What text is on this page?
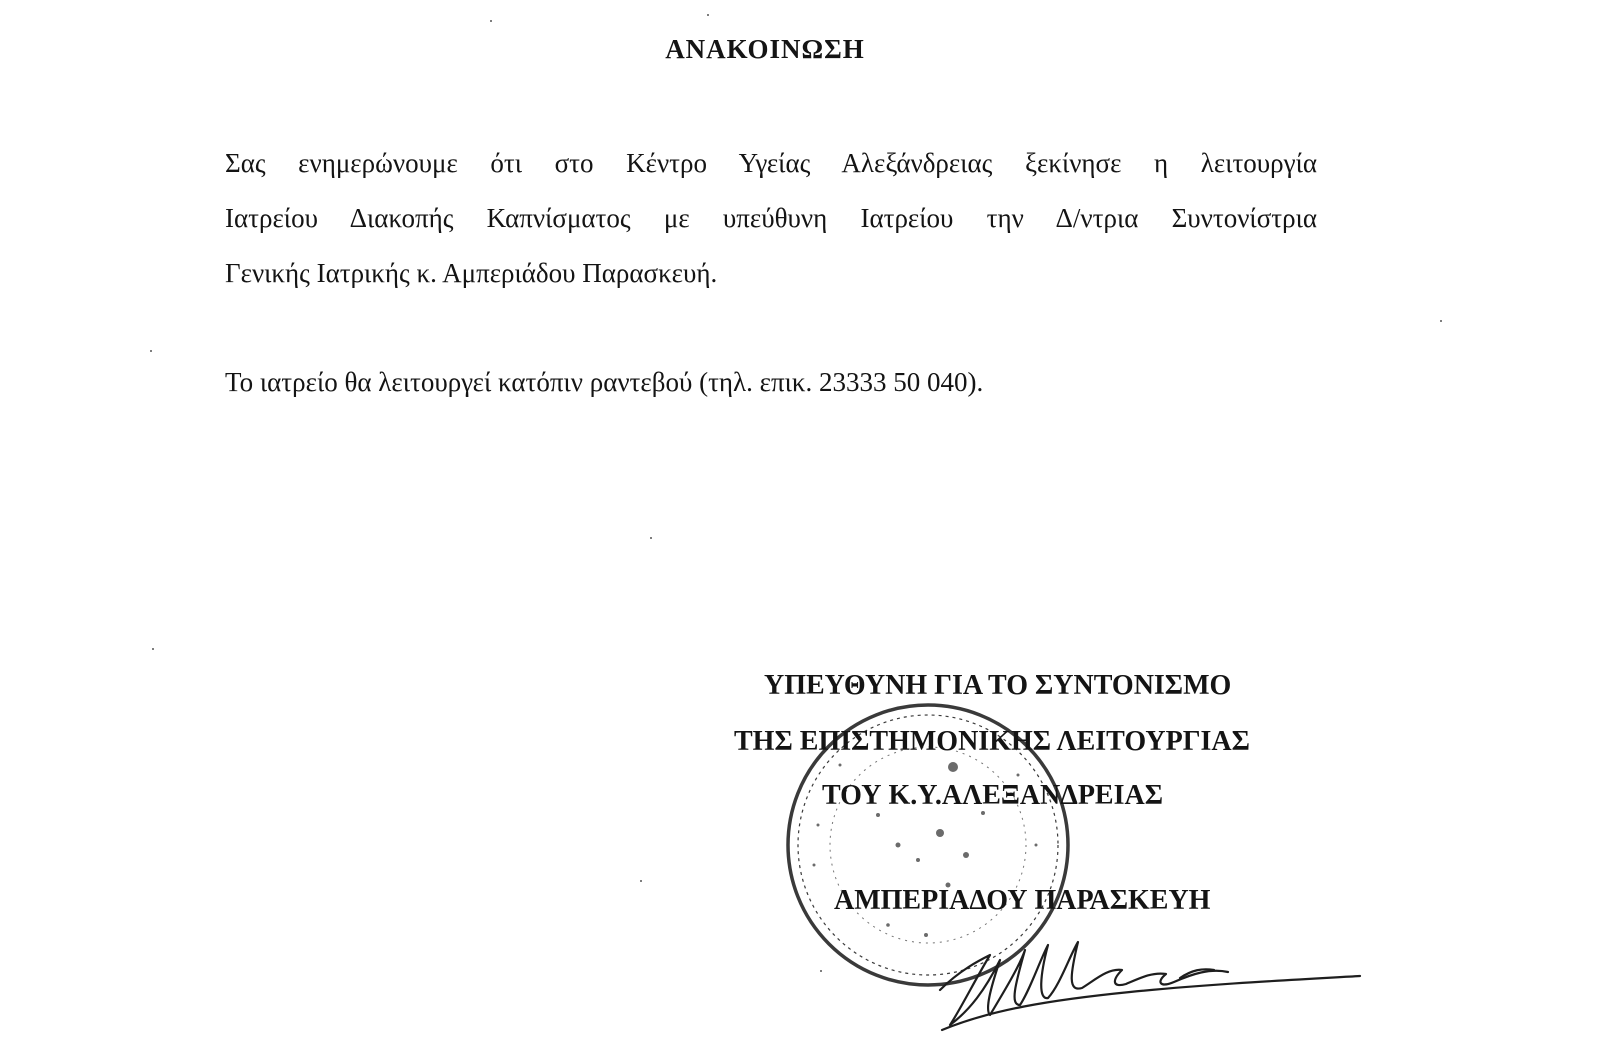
ΑΝΑΚΟΙΝΩΣΗ
Σας ενημερώνουμε ότι στο Κέντρο Υγείας Αλεξάνδρειας ξεκίνησε η λειτουργία
Ιατρείου Διακοπής Καπνίσματος με υπεύθυνη Ιατρείου την Δ/ντρια Συντονίστρια
Γενικής Ιατρικής κ. Αμπεριάδου Παρασκευή.
Το ιατρείο θα λειτουργεί κατόπιν ραντεβού (τηλ. επικ. 23333 50 040).
ΥΠΕΥΘΥΝΗ ΓΙΑ ΤΟ ΣΥΝΤΟΝΙΣΜΟ
ΤΗΣ ΕΠΙΣΤΗΜΟΝΙΚΗΣ ΛΕΙΤΟΥΡΓΙΑΣ
ΤΟΥ Κ.Υ.ΑΛΕΞΑΝΔΡΕΙΑΣ
ΑΜΠΕΡΙΑΔΟΥ ΠΑΡΑΣΚΕΥΗ
